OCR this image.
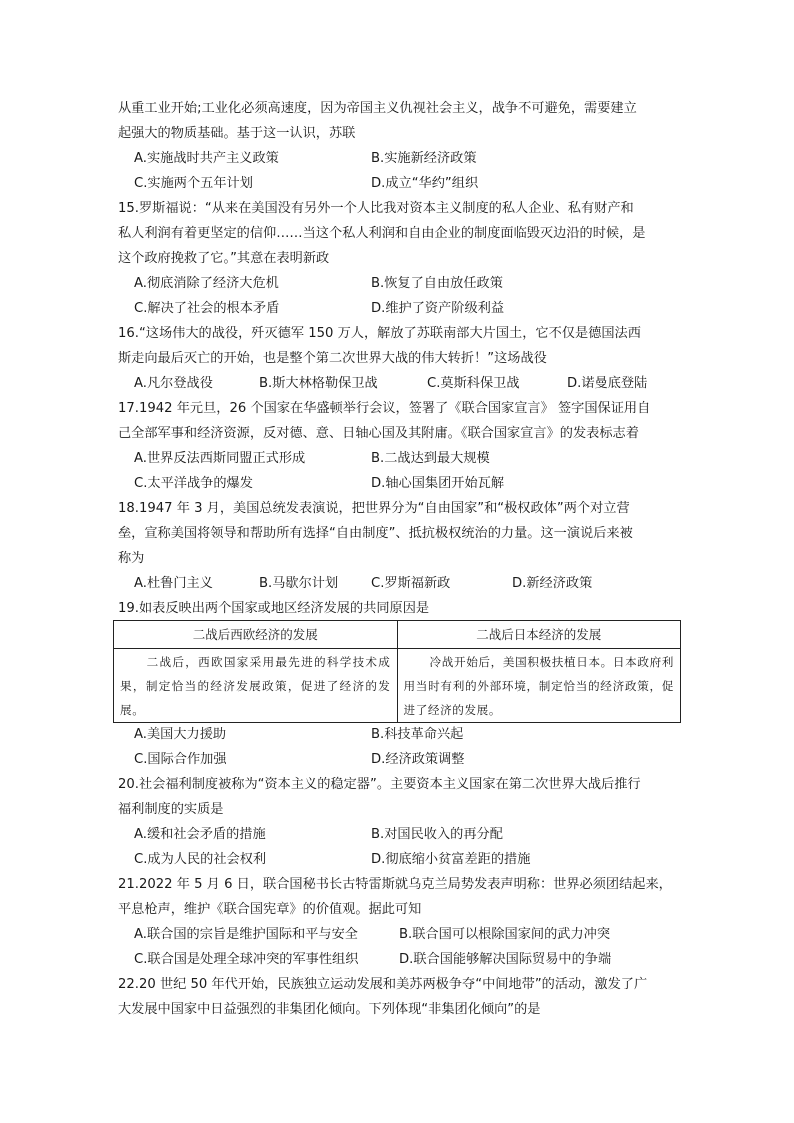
从重工业开始;工业化必须高速度，因为帝国主义仇视社会主义，战争不可避免，需要建立
起强大的物质基础。基于这一认识，苏联
A.实施战时共产主义政策	B.实施新经济政策
C.实施两个五年计划	D.成立“华约”组织
15.罗斯福说：“从来在美国没有另外一个人比我对资本主义制度的私人企业、私有财产和
私人利润有着更坚定的信仰……当这个私人利润和自由企业的制度面临毁灭边沿的时候，是
这个政府挽救了它。”其意在表明新政
A.彻底消除了经济大危机	B.恢复了自由放任政策
C.解决了社会的根本矛盾	D.维护了资产阶级利益
16.“这场伟大的战役，歼灭德军 150 万人，解放了苏联南部大片国土，它不仅是德国法西
斯走向最后灭亡的开始，也是整个第二次世界大战的伟大转折！”这场战役
A.凡尔登战役	B.斯大林格勒保卫战	C.莫斯科保卫战	D.诺曼底登陆
17.1942 年元旦，26 个国家在华盛顿举行会议，签署了《联合国家宣言》 签字国保证用自
己全部军事和经济资源，反对德、意、日轴心国及其附庸。《联合国家宣言》的发表标志着
A.世界反法西斯同盟正式形成	B.二战达到最大规模
C.太平洋战争的爆发	D.轴心国集团开始瓦解
18.1947 年 3 月，美国总统发表演说，把世界分为“自由国家”和“极权政体”两个对立营
垒，宣称美国将领导和帮助所有选择“自由制度”、抵抗极权统治的力量。这一演说后来被
称为
A.杜鲁门主义	B.马歇尔计划 C.罗斯福新政	D.新经济政策
19.如表反映出两个国家或地区经济发展的共同原因是
二战后西欧经济的发展	二战后日本经济的发展
二战后，西欧国家采用最先进的科学技术成果，制定恰当的经济发展政策，促进了经济的发展。	冷战开始后，美国积极扶植日本。日本政府利用当时有利的外部环境，制定恰当的经济政策，促进了经济的发展。
A.美国大力援助	B.科技革命兴起
C.国际合作加强	D.经济政策调整
20.社会福利制度被称为“资本主义的稳定器”。主要资本主义国家在第二次世界大战后推行
福利制度的实质是
A.缓和社会矛盾的措施	B.对国民收入的再分配
C.成为人民的社会权利	D.彻底缩小贫富差距的措施
21.2022 年 5 月 6 日，联合国秘书长古特雷斯就乌克兰局势发表声明称：世界必须团结起来，
平息枪声，维护《联合国宪章》的价值观。据此可知
A.联合国的宗旨是维护国际和平与安全	B.联合国可以根除国家间的武力冲突
C.联合国是处理全球冲突的军事性组织	D.联合国能够解决国际贸易中的争端
22.20 世纪 50 年代开始，民族独立运动发展和美苏两极争夺“中间地带”的活动，激发了广
大发展中国家中日益强烈的非集团化倾向。下列体现“非集团化倾向”的是
